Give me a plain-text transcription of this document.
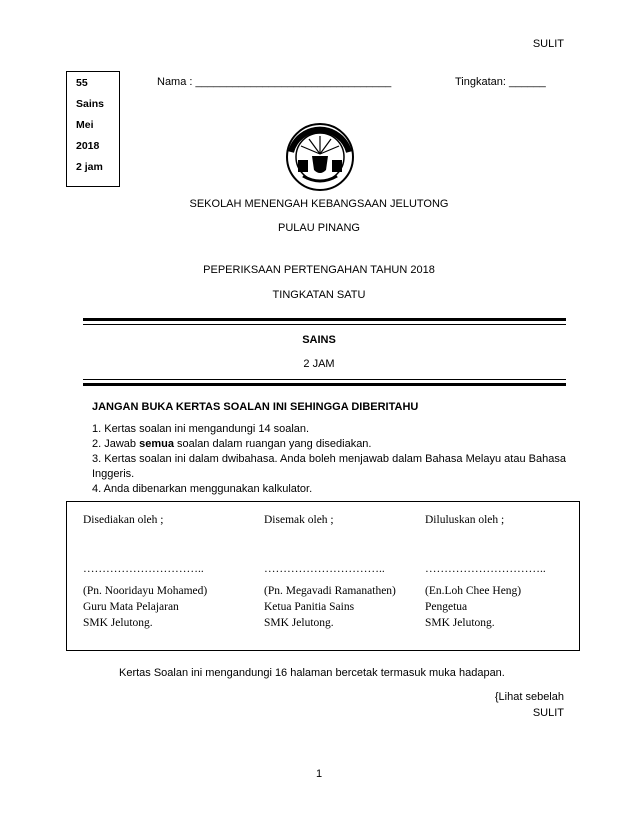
SULIT
55
Sains
Mei
2018
2 jam
Nama : ________________________________	Tingkatan: ______
SEKOLAH MENENGAH KEBANGSAAN JELUTONG
PULAU PINANG
PEPERIKSAAN PERTENGAHAN TAHUN 2018
TINGKATAN SATU
SAINS
2 JAM
JANGAN BUKA KERTAS SOALAN INI SEHINGGA DIBERITAHU
1. Kertas soalan ini mengandungi 14 soalan.
2. Jawab semua soalan dalam ruangan yang disediakan.
3. Kertas soalan ini dalam dwibahasa. Anda boleh menjawab dalam Bahasa Melayu atau Bahasa Inggeris.
4. Anda dibenarkan menggunakan kalkulator.
Disediakan oleh ;
…………………………..
(Pn. Nooridayu Mohamed)
Guru Mata Pelajaran
SMK Jelutong.
Disemak oleh ;
…………………………..
(Pn. Megavadi Ramanathen)
Ketua Panitia Sains
SMK Jelutong.
Diluluskan oleh ;
…………………………..
(En.Loh Chee Heng)
Pengetua
SMK Jelutong.
Kertas Soalan ini mengandungi 16 halaman bercetak termasuk muka hadapan.
{Lihat sebelah
SULIT
1
